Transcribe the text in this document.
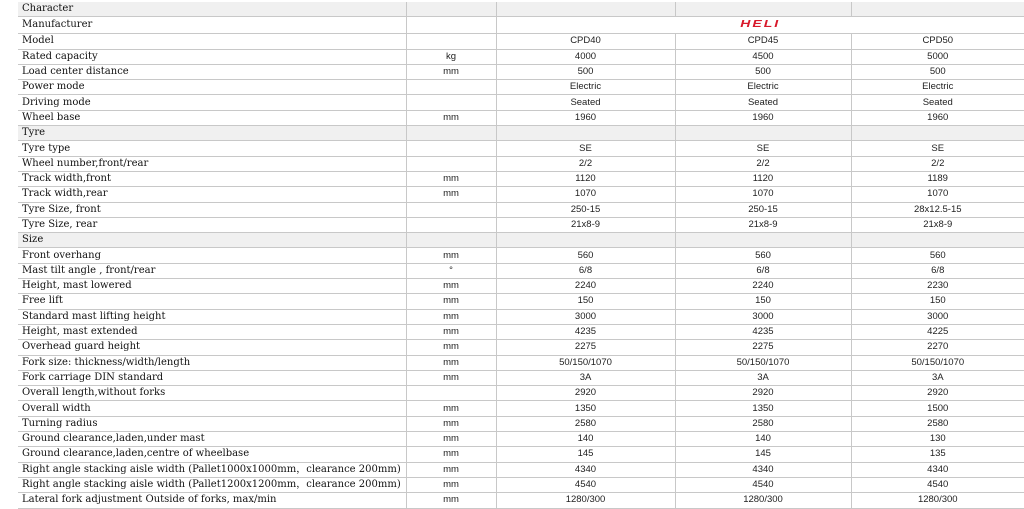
Character				
Manufacturer		HELI		
Model		CPD40	CPD45	CPD50
Rated capacity	kg	4000	4500	5000
Load center distance	mm	500	500	500
Power mode		Electric	Electric	Electric
Driving mode		Seated	Seated	Seated
Wheel base	mm	1960	1960	1960
Tyre				
Tyre type		SE	SE	SE
Wheel number,front/rear		2/2	2/2	2/2
Track width,front	mm	1120	1120	1189
Track width,rear	mm	1070	1070	1070
Tyre Size, front		250-15	250-15	28x12.5-15
Tyre Size, rear		21x8-9	21x8-9	21x8-9
Size				
Front overhang	mm	560	560	560
Mast tilt angle , front/rear	°	6/8	6/8	6/8
Height, mast lowered	mm	2240	2240	2230
Free lift	mm	150	150	150
Standard mast lifting height	mm	3000	3000	3000
Height, mast extended	mm	4235	4235	4225
Overhead guard height	mm	2275	2275	2270
Fork size: thickness/width/length	mm	50/150/1070	50/150/1070	50/150/1070
Fork carriage DIN standard	mm	3A	3A	3A
Overall length,without forks		2920	2920	2920
Overall width	mm	1350	1350	1500
Turning radius	mm	2580	2580	2580
Ground clearance,laden,under mast	mm	140	140	130
Ground clearance,laden,centre of wheelbase	mm	145	145	135
Right angle stacking aisle width (Pallet1000x1000mm，clearance 200mm)	mm	4340	4340	4340
Right angle stacking aisle width (Pallet1200x1200mm，clearance 200mm)	mm	4540	4540	4540
Lateral fork adjustment Outside of forks, max/min	mm	1280/300	1280/300	1280/300
